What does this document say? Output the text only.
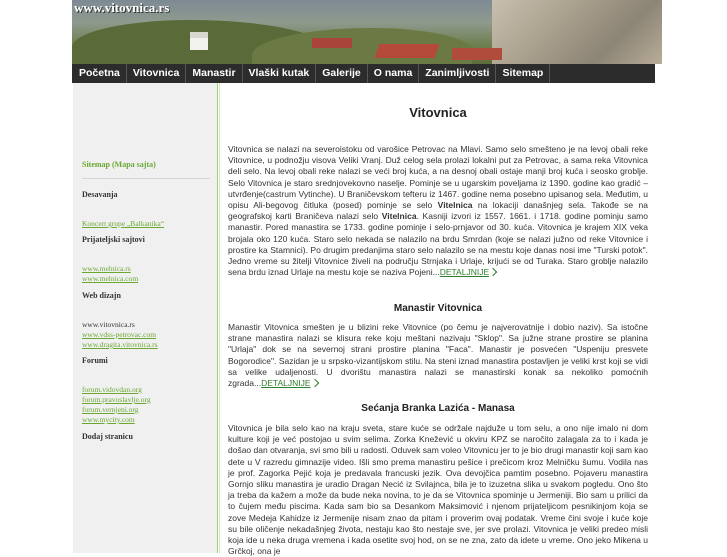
www.vitovnica.rs
Početna	Vitovnica	Manastir	Vlaški kutak	Galerije	O nama	Zanimljivosti	Sitemap
Sitemap (Mapa sajta)
Desavanja
Koncert grupe „Balkanika“
Prijateljski sajtovi
www.melnica.rs
www.melnica.com
Web dizajn
www.vitovnica.rs
www.vdss-petrovac.com
www.dragita.vitovnica.rs
Forumi
forum.vidovdan.org
forum.pravoslavlje.org
forum.vernjeni.org
www.mycity.com
Dodaj stranicu
Vitovnica
Vitovnica se nalazi na severoistoku od varošice Petrovac na Mlavi. Samo selo smešteno je na levoj obali reke Vitovnice, u podnožju visova Veliki Vranj. Duž celog sela prolazi lokalni put za Petrovac, a sama reka Vitovnica deli selo. Na levoj obali reke nalazi se veći broj kuća, a na desnoj obali ostaje manji broj kuća i seosko groblje. Selo Vitovnica je staro srednjovekovno naselje. Pominje se u ugarskim poveljama iz 1390. godine kao gradić – utvrđenje(castrum Vytinche). U Braničevskom tefteru iz 1467. godine nema posebno upisanog sela. Međutim, u opisu Ali-begovog čitluka (posed) pominje se selo Vitelnica na lokaciji današnjeg sela. Takođe se na geografskoj karti Braničeva nalazi selo Vitelnica. Kasniji izvori iz 1557. 1661. i 1718. godine pominju samo manastir. Pored manastira se 1733. godine pominje i selo-prnjavor od 30. kuća. Vitovnica je krajem XIX veka brojala oko 120 kuća. Staro selo nekada se nalazilo na brdu Smrdan (koje se nalazi južno od reke Vitovnice i prostire ka Stamnici). Po drugim predanjima staro selo nalazilo se na mestu koje danas nosi ime "Turski potok". Jedno vreme su žitelji Vitovnice živeli na području Strnjaka i Urlaje, krijući se od Turaka. Staro groblje nalazilo sena brdu iznad Urlaje na mestu koje se naziva Pojeni...DETALJNIJE
Manastir Vitovnica
Manastir Vitovnica smešten je u blizini reke Vitovnice (po čemu je najverovatnije i dobio naziv). Sa istočne strane manastira nalazi se klisura reke koju meštani nazivaju "Sklop". Sa južne strane prostire se planina "Urlaja" dok se na severnoj strani prostire planina "Faca". Manastir je posvećen "Uspeniju presvete Bogorodice". Sazidan je u srpsko-vizantijskom stilu. Na steni iznad manastira postavljen je veliki krst koji se vidi sa velike udaljenosti. U dvorištu manastira nalazi se manastirski konak sa nekoliko pomoćnih zgrada...DETALJNIJE
Sećanja Branka Lazića - Manasa
Vitovnica je bila selo kao na kraju sveta, stare kuće se održale najduže u tom selu, a ono nije imalo ni dom kulture koji je već postojao u svim selima. Zorka Knežević u okviru KPZ se naročito zalagala za to i kada je došao dan otvaranja, svi smo bili u radosti. Oduvek sam voleo Vitovnicu jer to je bio drugi manastir koji sam kao dete u V razredu gimnazije video. Išli smo prema manastiru pešice i prečicom kroz Melničku šumu. Vodila nas je prof. Zagorka Pejić koja je predavala francuski jezik. Ova devojčica pamtim posebno. Pojaveru manastira Gornjo sliku manastira je uradio Dragan Necić iz Svilajnca, bila je to izuzetna slika u svakom pogledu. Ono što ja treba da kažem a može da bude neka novina, to je da se Vitovnica spominje u Jermeniji. Bio sam u prilici da to čujem među piscima. Kada sam bio sa Desankom Maksimović i njenom prijateljicom pesnikinjom koja se zove Medeja Kahidze iz Jermenije nisam znao da pitam i proverim ovaj podatak. Vreme čini svoje i kuće koje su bile oličenje nekadašnjeg života, nestaju kao što nestaje sve, jer sve prolazi. Vitovnica je veliki predeo misli koja ide u neka druga vremena i kada osetite svoj hod, on se ne zna, zato da idete u vreme. Ono jeko Mikena u Grčkoj, ona je
